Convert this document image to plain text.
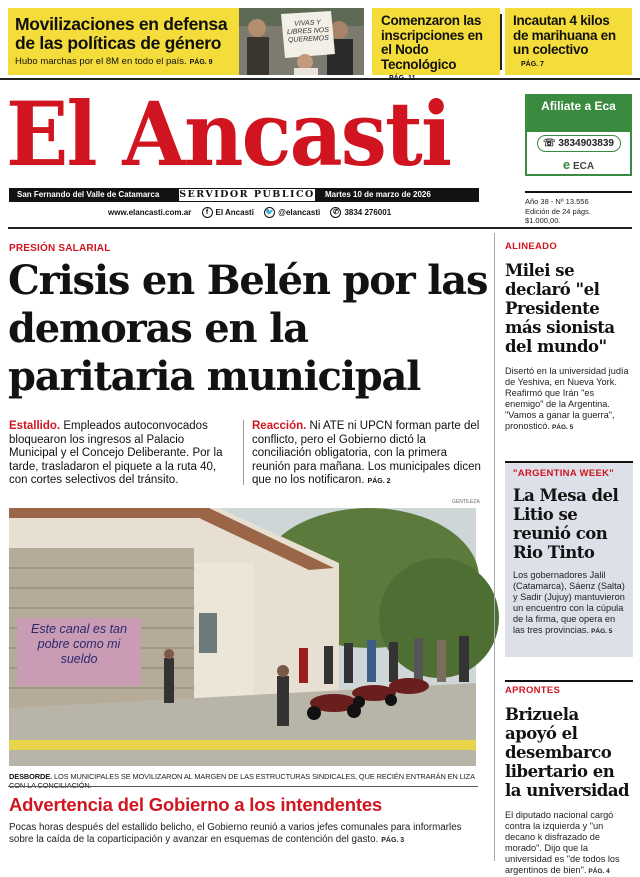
Movilizaciones en defensa de las políticas de género

Hubo marchas por el 8M en todo el país. PÁG. 9

VIVAS Y LIBRES NOS QUEREMOS
Comenzaron las inscripciones en el Nodo Tecnológico
PÁG. 11
Incautan 4 kilos de marihuana en un colectivo
PÁG. 7
El Ancasti
San Fernando del Valle de Catamarca	SERVIDOR PÚBLICO	Martes 10 de marzo de 2026
www.elancasti.com.ar f El Ancasti 🐦 @elancasti ✆ 3834 276001
Afiliate a Eca
☏ 3834903839
e ECA
Año 38 - Nº 13.556
Edición de 24 págs.
$1.000,00.
PRESIÓN SALARIAL
Crisis en Belén por las demoras en la paritaria municipal
Estallido. Empleados autoconvocados bloquearon los ingresos al Palacio Municipal y el Concejo Deliberante. Por la tarde, trasladaron el piquete a la ruta 40, con cortes selectivos del tránsito.
Reacción. Ni ATE ni UPCN forman parte del conflicto, pero el Gobierno dictó la conciliación obligatoria, con la primera reunión para mañana. Los municipales dicen que no los notificaron. PÁG. 2
GENTILEZA
Este canal es tan pobre como mi sueldo
DESBORDE. LOS MUNICIPALES SE MOVILIZARON AL MARGEN DE LAS ESTRUCTURAS SINDICALES, QUE RECIÉN ENTRARÁN EN LIZA
Advertencia del Gobierno a los intendentes
Pocas horas después del estallido belicho, el Gobierno reunió a varios jefes comunales para informarles sobre la caída de la coparticipación y avanzar en esquemas de contención del gasto. PÁG. 3
ALINEADO
Milei se declaró "el Presidente más sionista del mundo"

Disertó en la universidad judía de Yeshiva, en Nueva York. Reafirmó que Irán "es enemigo" de la Argentina. "Vamos a ganar la guerra", pronosticó. PÁG. 5

"ARGENTINA WEEK"
La Mesa del Litio se reunió con Rio Tinto

Los gobernadores Jalil (Catamarca), Sáenz (Salta) y Sadir (Jujuy) mantuvieron un encuentro con la cúpula de la firma, que opera en las tres provincias. PÁG. 5

APRONTES
Brizuela apoyó el desembarco libertario en la universidad

El diputado nacional cargó contra la izquierda y "un decano k disfrazado de morado". Dijo que la universidad es "de todos los argentinos de bien". PÁG. 4
